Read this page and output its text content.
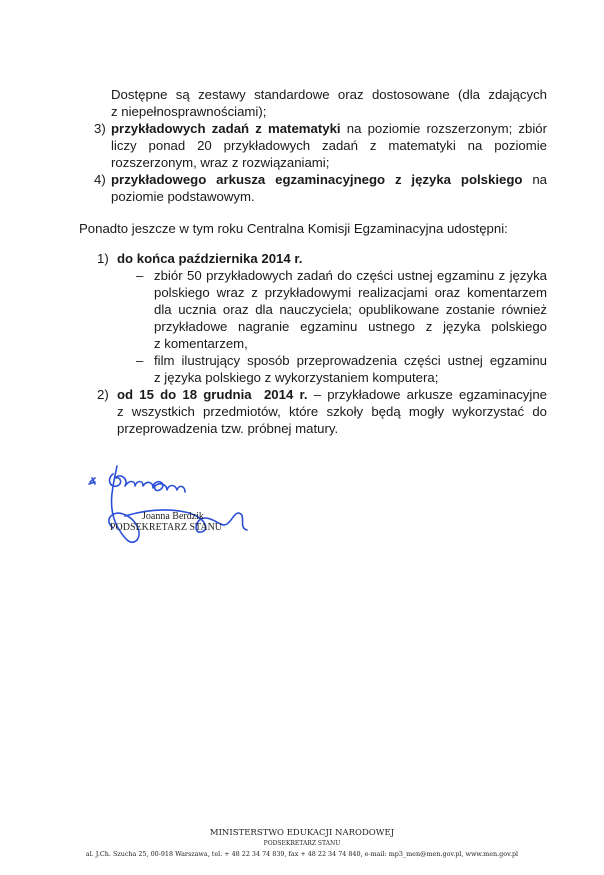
Dostępne są zestawy standardowe oraz dostosowane (dla zdających
z niepełnosprawnościami);
3) przykładowych zadań z matematyki na poziomie rozszerzonym; zbiór
liczy ponad 20 przykładowych zadań z matematyki na poziomie
rozszerzonym, wraz z rozwiązaniami;
4) przykładowego arkusza egzaminacyjnego z języka polskiego na
poziomie podstawowym.
Ponadto jeszcze w tym roku Centralna Komisji Egzaminacyjna udostępni:
1) do końca października 2014 r.
– zbiór 50 przykładowych zadań do części ustnej egzaminu z języka
polskiego wraz z przykładowymi realizacjami oraz komentarzem
dla ucznia oraz dla nauczyciela; opublikowane zostanie również
przykładowe nagranie egzaminu ustnego z języka polskiego
z komentarzem,
– film ilustrujący sposób przeprowadzenia części ustnej egzaminu
z języka polskiego z wykorzystaniem komputera;
2) od 15 do 18 grudnia  2014 r. – przykładowe arkusze egzaminacyjne
z wszystkich przedmiotów, które szkoły będą mogły wykorzystać do
przeprowadzenia tzw. próbnej matury.
Joanna Berdzik
PODSEKRETARZ STANU
MINISTERSTWO EDUKACJI NARODOWEJ
PODSEKRETARZ STANU
al. J.Ch. Szucha 25, 00-918 Warszawa, tel. + 48 22 34 74 839, fax + 48 22 34 74 840, e-mail: mp3_men@men.gov.pl, www.men.gov.pl
